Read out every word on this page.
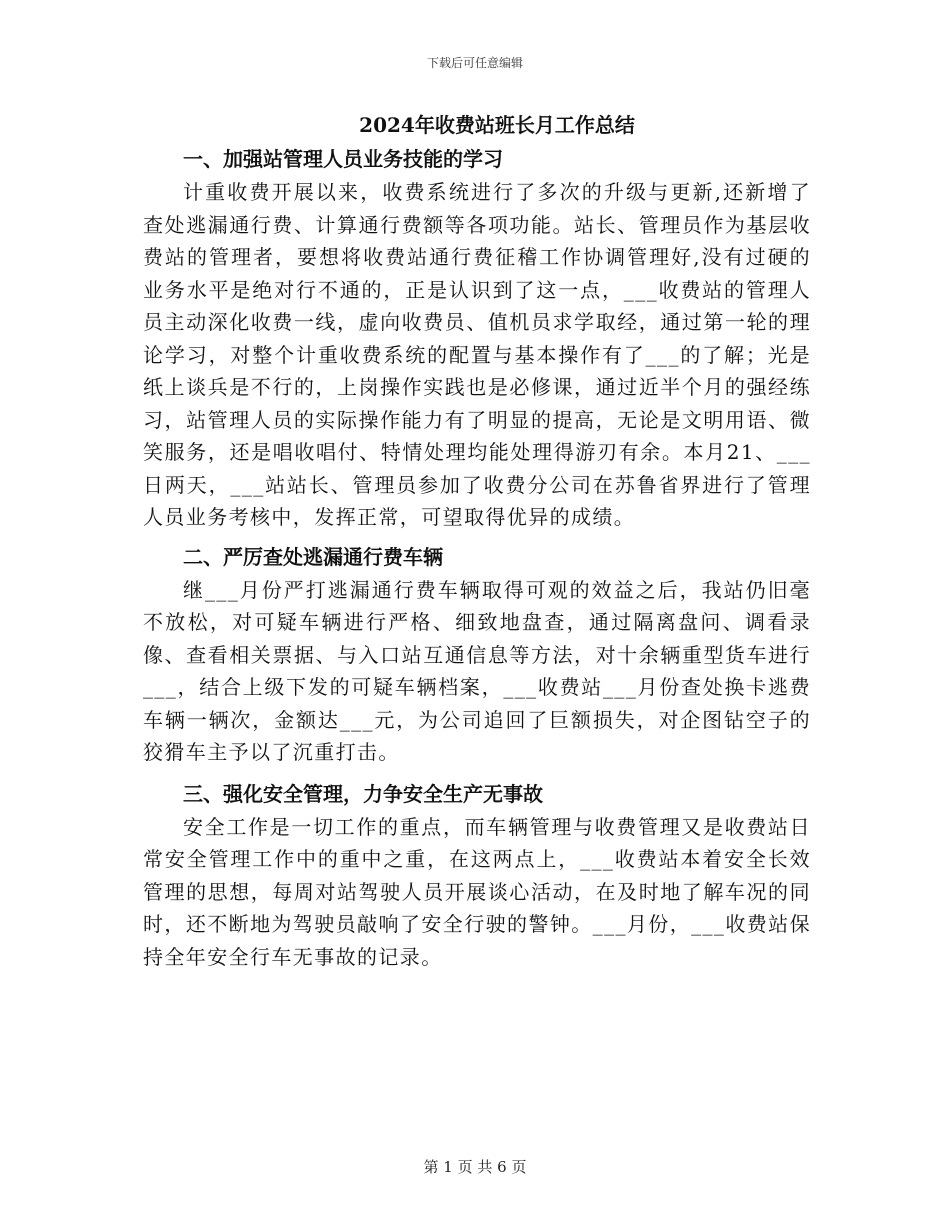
下载后可任意编辑
2024年收费站班长月工作总结
一、加强站管理人员业务技能的学习

计重收费开展以来，收费系统进行了多次的升级与更新,还新增了查处逃漏通行费、计算通行费额等各项功能。站长、管理员作为基层收费站的管理者，要想将收费站通行费征稽工作协调管理好,没有过硬的业务水平是绝对行不通的，正是认识到了这一点，___收费站的管理人员主动深化收费一线，虚向收费员、值机员求学取经，通过第一轮的理论学习，对整个计重收费系统的配置与基本操作有了___的了解；光是纸上谈兵是不行的，上岗操作实践也是必修课，通过近半个月的强经练习，站管理人员的实际操作能力有了明显的提高，无论是文明用语、微笑服务，还是唱收唱付、特情处理均能处理得游刃有余。本月21、___日两天，___站站长、管理员参加了收费分公司在苏鲁省界进行了管理人员业务考核中，发挥正常，可望取得优异的成绩。

二、严厉查处逃漏通行费车辆

继___月份严打逃漏通行费车辆取得可观的效益之后，我站仍旧毫不放松，对可疑车辆进行严格、细致地盘查，通过隔离盘问、调看录像、查看相关票据、与入口站互通信息等方法，对十余辆重型货车进行___，结合上级下发的可疑车辆档案，___收费站___月份查处换卡逃费车辆一辆次，金额达___元，为公司追回了巨额损失，对企图钻空子的狡猾车主予以了沉重打击。

三、强化安全管理，力争安全生产无事故

安全工作是一切工作的重点，而车辆管理与收费管理又是收费站日常安全管理工作中的重中之重，在这两点上，___收费站本着安全长效管理的思想，每周对站驾驶人员开展谈心活动，在及时地了解车况的同时，还不断地为驾驶员敲响了安全行驶的警钟。___月份，___收费站保持全年安全行车无事故的记录。

第 1 页 共 6 页
